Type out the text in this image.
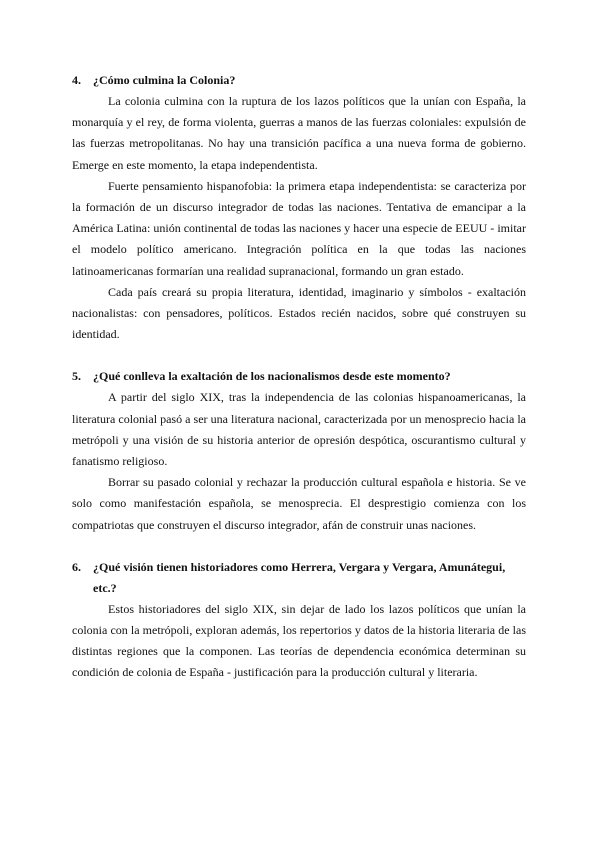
4.	¿Cómo culmina la Colonia?

La colonia culmina con la ruptura de los lazos políticos que la unían con España, la monarquía y el rey, de forma violenta, guerras a manos de las fuerzas coloniales: expulsión de las fuerzas metropolitanas. No hay una transición pacífica a una nueva forma de gobierno. Emerge en este momento, la etapa independentista.

Fuerte pensamiento hispanofobia: la primera etapa independentista: se caracteriza por la formación de un discurso integrador de todas las naciones. Tentativa de emancipar a la América Latina: unión continental de todas las naciones y hacer una especie de EEUU - imitar el modelo político americano. Integración política en la que todas las naciones latinoamericanas formarían una realidad supranacional, formando un gran estado.

Cada país creará su propia literatura, identidad, imaginario y símbolos - exaltación nacionalistas: con pensadores, políticos. Estados recién nacidos, sobre qué construyen su identidad.

5.	¿Qué conlleva la exaltación de los nacionalismos desde este momento?

A partir del siglo XIX, tras la independencia de las colonias hispanoamericanas, la literatura colonial pasó a ser una literatura nacional, caracterizada por un menosprecio hacia la metrópoli y una visión de su historia anterior de opresión despótica, oscurantismo cultural y fanatismo religioso.

Borrar su pasado colonial y rechazar la producción cultural española e historia. Se ve solo como manifestación española, se menosprecia. El desprestigio comienza con los compatriotas que construyen el discurso integrador, afán de construir unas naciones.

6.	¿Qué visión tienen historiadores como Herrera, Vergara y Vergara, Amunátegui, etc.?

Estos historiadores del siglo XIX, sin dejar de lado los lazos políticos que unían la colonia con la metrópoli, exploran además, los repertorios y datos de la historia literaria de las distintas regiones que la componen. Las teorías de dependencia económica determinan su condición de colonia de España - justificación para la producción cultural y literaria.
